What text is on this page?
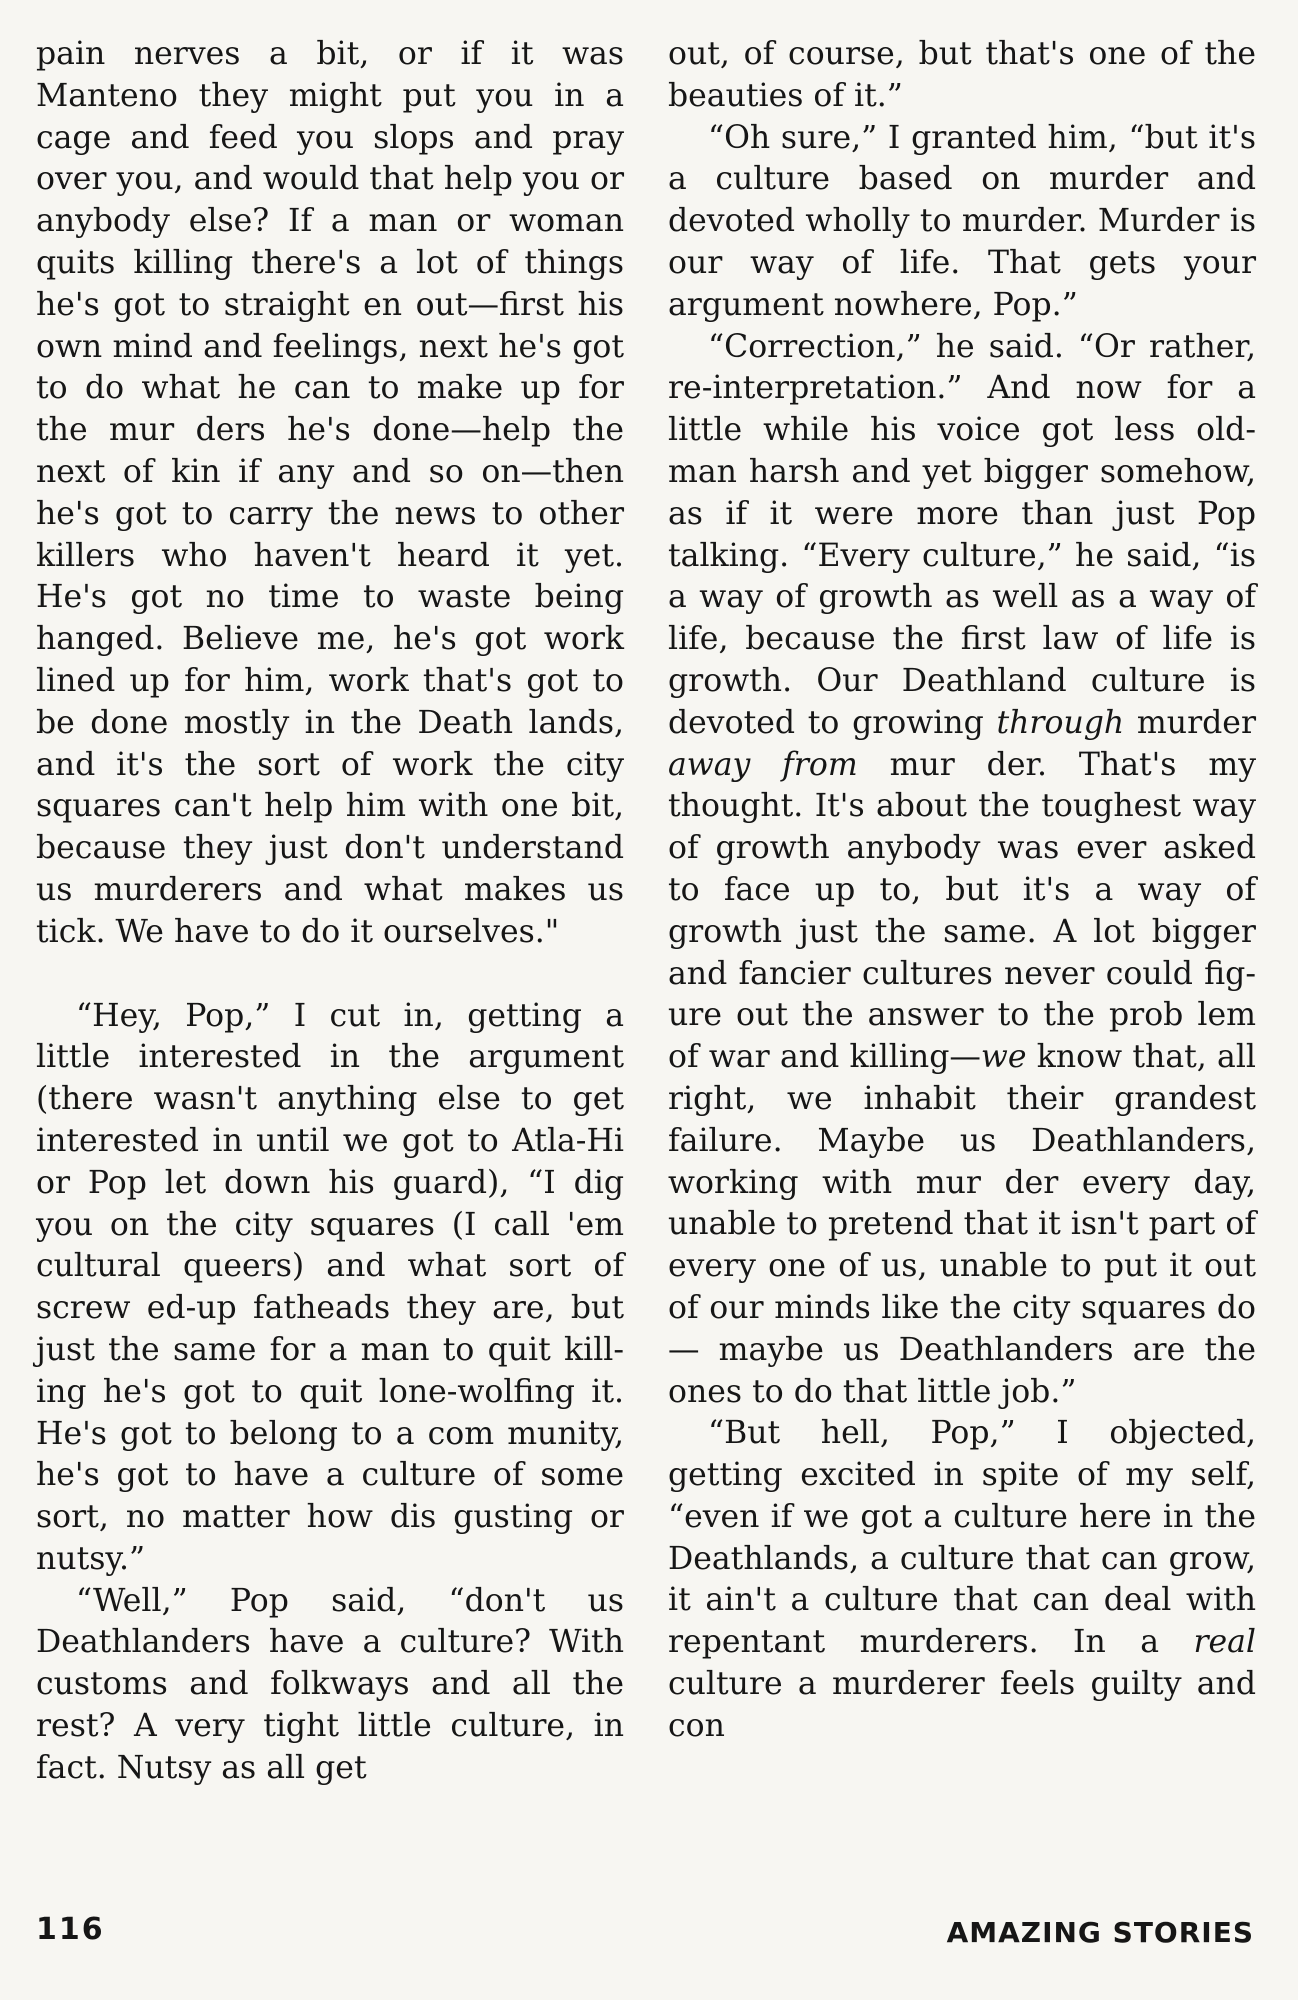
pain nerves a bit, or if it was Manteno they might put you in a cage and feed you slops and pray over you, and would that help you or anybody else? If a man or woman quits killing there's a lot of things he's got to straight en out—first his own mind and feelings, next he's got to do what he can to make up for the mur ders he's done—help the next of kin if any and so on—then he's got to carry the news to other killers who haven't heard it yet. He's got no time to waste being hanged. Believe me, he's got work lined up for him, work that's got to be done mostly in the Death lands, and it's the sort of work the city squares can't help him with one bit, because they just don't understand us murderers and what makes us tick. We have to do it ourselves."

“Hey, Pop,” I cut in, getting a little interested in the argument (there wasn't anything else to get interested in until we got to Atla-Hi or Pop let down his guard), “I dig you on the city squares (I call 'em cultural queers) and what sort of screw ed-up fatheads they are, but just the same for a man to quit kill ing he's got to quit lone-wolfing it. He's got to belong to a com munity, he's got to have a culture of some sort, no matter how dis gusting or nutsy.”

“Well,” Pop said, “don't us Deathlanders have a culture? With customs and folkways and all the rest? A very tight little culture, in fact. Nutsy as all get

out, of course, but that's one of the beauties of it.”

“Oh sure,” I granted him, “but it's a culture based on murder and devoted wholly to murder. Murder is our way of life. That gets your argument nowhere, Pop.”

“Correction,” he said. “Or rather, re-interpretation.” And now for a little while his voice got less old-man harsh and yet bigger somehow, as if it were more than just Pop talking. “Every culture,” he said, “is a way of growth as well as a way of life, because the first law of life is growth. Our Deathland culture is devoted to growing through murder away from mur der. That's my thought. It's about the toughest way of growth anybody was ever asked to face up to, but it's a way of growth just the same. A lot bigger and fancier cultures never could fig ure out the answer to the prob lem of war and killing—we know that, all right, we inhabit their grandest failure. Maybe us Deathlanders, working with mur der every day, unable to pretend that it isn't part of every one of us, unable to put it out of our minds like the city squares do— maybe us Deathlanders are the ones to do that little job.”

“But hell, Pop,” I objected, getting excited in spite of my self, “even if we got a culture here in the Deathlands, a culture that can grow, it ain't a culture that can deal with repentant murderers. In a real culture a murderer feels guilty and con

116	AMAZING STORIES
